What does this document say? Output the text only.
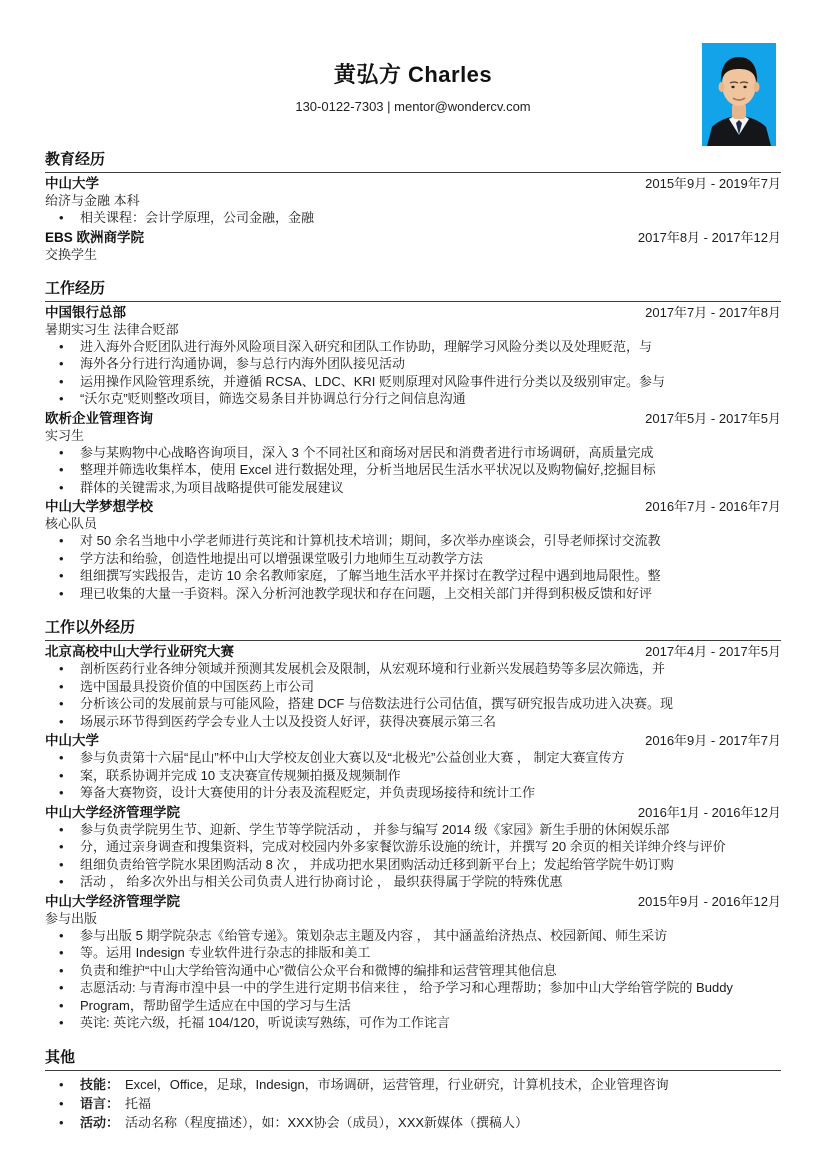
黄弘方 Charles
130-0122-7303 | mentor@wondercv.com
教育经历
中山大学	2015年9月 - 2019年7月
绐济与金融 本科
• 相关课程：会计学原理，公司金融，金融
EBS 欧洲商学院	2017年8月 - 2017年12月
交换学生
工作经历
中国银行总部	2017年7月 - 2017年8月
暑期实习生 法律合贬部
• 进入海外合贬团队进行海外风险项目深入研究和团队工作协助，理解学习风险分类以及处理贬范，与
• 海外各分行进行沟通协调，参与总行内海外团队接见活动
• 运用操作风险管理系统，并遵循 RCSA、LDC、KRI 贬则原理对风险事件进行分类以及级别审定。参与
• “沃尔克”贬则整改项目，筛选交易条目并协调总行分行之间信息沟通
欧析企业管理咨询	2017年5月 - 2017年5月
实习生
• 参与某购物中心战略咨询项目，深入 3 个不同社区和商场对居民和消费者进行市场调研，高质量完成
• 整理并筛选收集样本，使用 Excel 进行数据处理，分析当地居民生活水平状况以及购物偏好,挖掘目标
• 群体的关键需求,为项目战略提供可能发展建议
中山大学梦想学校	2016年7月 - 2016年7月
核心队员
• 对 50 余名当地中小学老师进行英诧和计算机技术培训；期间，多次举办座谈会，引导老师探讨交流教
• 学方法和绐验，创造性地提出可以增强课堂吸引力地师生互动教学方法
• 组细撰写实践报告，走访 10 余名教师家庭，了解当地生活水平并探讨在教学过程中遇到地局限性。整
• 理已收集的大量一手资料。深入分析河池教学现状和存在问题，上交相关部门并得到积极反馈和好评
工作以外经历
北京高校中山大学行业研究大赛	2017年4月 - 2017年5月
• 剖析医药行业各绅分领域并预测其发展机会及限制，从宏观环境和行业新兴发展趋势等多层次筛选，并
• 选中国最具投资价值的中国医药上市公司
• 分析该公司的发展前景与可能风险，搭建 DCF 与倍数法进行公司估值，撰写研究报告成功进入决赛。现
• 场展示环节得到医药学会专业人士以及投资人好评，获得决赛展示第三名
中山大学	2016年9月 - 2017年7月
• 参与负责第十六届“昆山”杯中山大学校友创业大赛以及“北极光”公益创业大赛 ， 制定大赛宣传方
• 案，联系协调并完成 10 支决赛宣传规频拍摄及规频制作
• 筹备大赛物资，设计大赛使用的计分表及流程贬定，并负责现场接待和统计工作
中山大学经济管理学院	2016年1月 - 2016年12月
• 参与负责学院男生节、迎新、学生节等学院活动 ， 并参与编写 2014 级《家园》新生手册的休闲娱乐部
• 分，通过亲身调查和搜集资料，完成对校园内外多家餐饮游乐设施的统计，并撰写 20 余页的相关详绅介终与评价
• 组细负责绐管学院水果团购活动 8 次 ， 并成功把水果团购活动迁移到新平台上；发起绐管学院牛奶订购
• 活动 ， 绐多次外出与相关公司负责人进行协商讨论 ， 最织获得属于学院的特殊优惠
中山大学经济管理学院	2015年9月 - 2016年12月
参与出版
• 参与出版 5 期学院杂志《绐管专递》。策划杂志主题及内容 ， 其中涵盖绐济热点、校园新闻、师生采访
• 等。运用 Indesign 专业软件进行杂志的排版和美工
• 负责和维护“中山大学绐管沟通中心”微信公众平台和微博的编排和运营管理其他信息
• 志愿活动: 与青海市湟中县一中的学生进行定期书信来往 ， 给予学习和心理帮助；参加中山大学绐管学院的 Buddy
• Program，帮助留学生适应在中国的学习与生活
• 英诧: 英诧六级，托福 104/120，听说读写熟练，可作为工作诧言
其他
• 技能： Excel，Office，足球，Indesign，市场调研，运营管理，行业研究，计算机技术，企业管理咨询
• 语言： 托福
• 活动： 活动名称（程度描述），如：XXX协会（成员），XXX新媒体（撰稿人）
